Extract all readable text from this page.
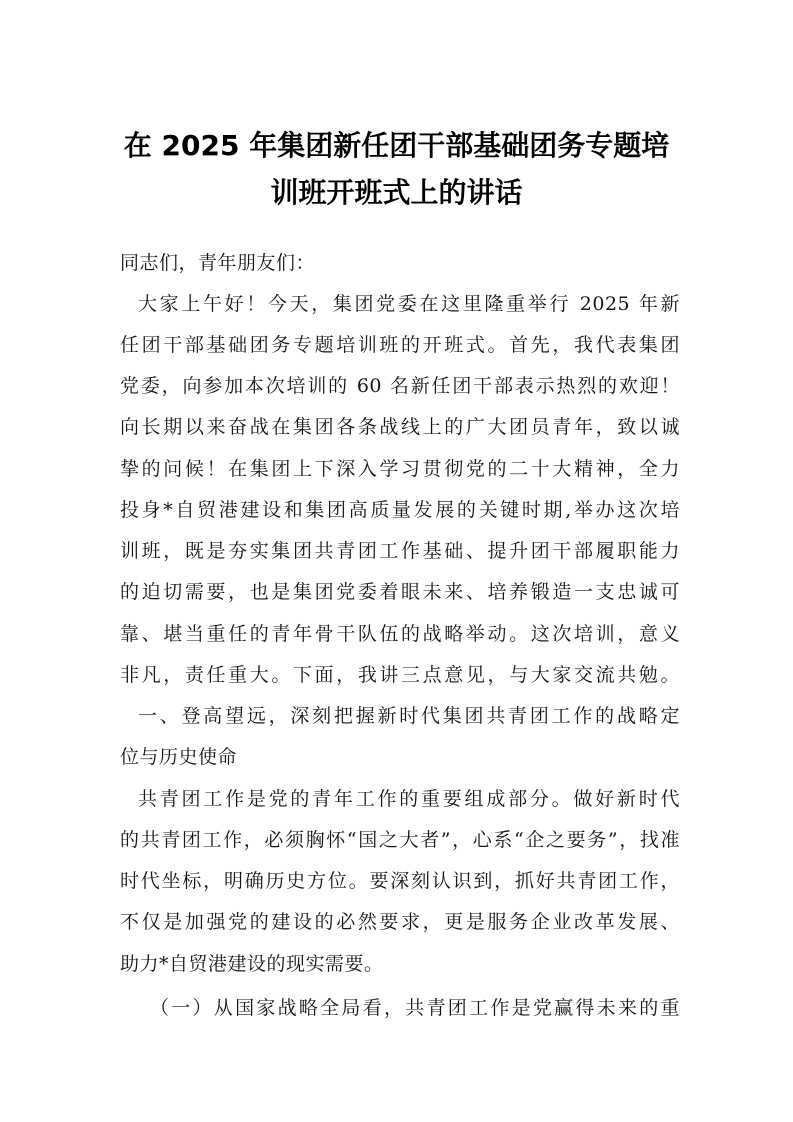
在 2025 年集团新任团干部基础团务专题培
训班开班式上的讲话
同志们，青年朋友们：
大家上午好！今天，集团党委在这里隆重举行 2025 年新
任团干部基础团务专题培训班的开班式。首先，我代表集团
党委，向参加本次培训的 60 名新任团干部表示热烈的欢迎！
向长期以来奋战在集团各条战线上的广大团员青年，致以诚
挚的问候！在集团上下深入学习贯彻党的二十大精神，全力
投身*自贸港建设和集团高质量发展的关键时期,举办这次培
训班，既是夯实集团共青团工作基础、提升团干部履职能力
的迫切需要，也是集团党委着眼未来、培养锻造一支忠诚可
靠、堪当重任的青年骨干队伍的战略举动。这次培训，意义
非凡，责任重大。下面，我讲三点意见，与大家交流共勉。
一、登高望远，深刻把握新时代集团共青团工作的战略定
位与历史使命
共青团工作是党的青年工作的重要组成部分。做好新时代
的共青团工作，必须胸怀“国之大者”，心系“企之要务”，找准
时代坐标，明确历史方位。要深刻认识到，抓好共青团工作，
不仅是加强党的建设的必然要求，更是服务企业改革发展、
助力*自贸港建设的现实需要。
（一）从国家战略全局看，共青团工作是党赢得未来的重
